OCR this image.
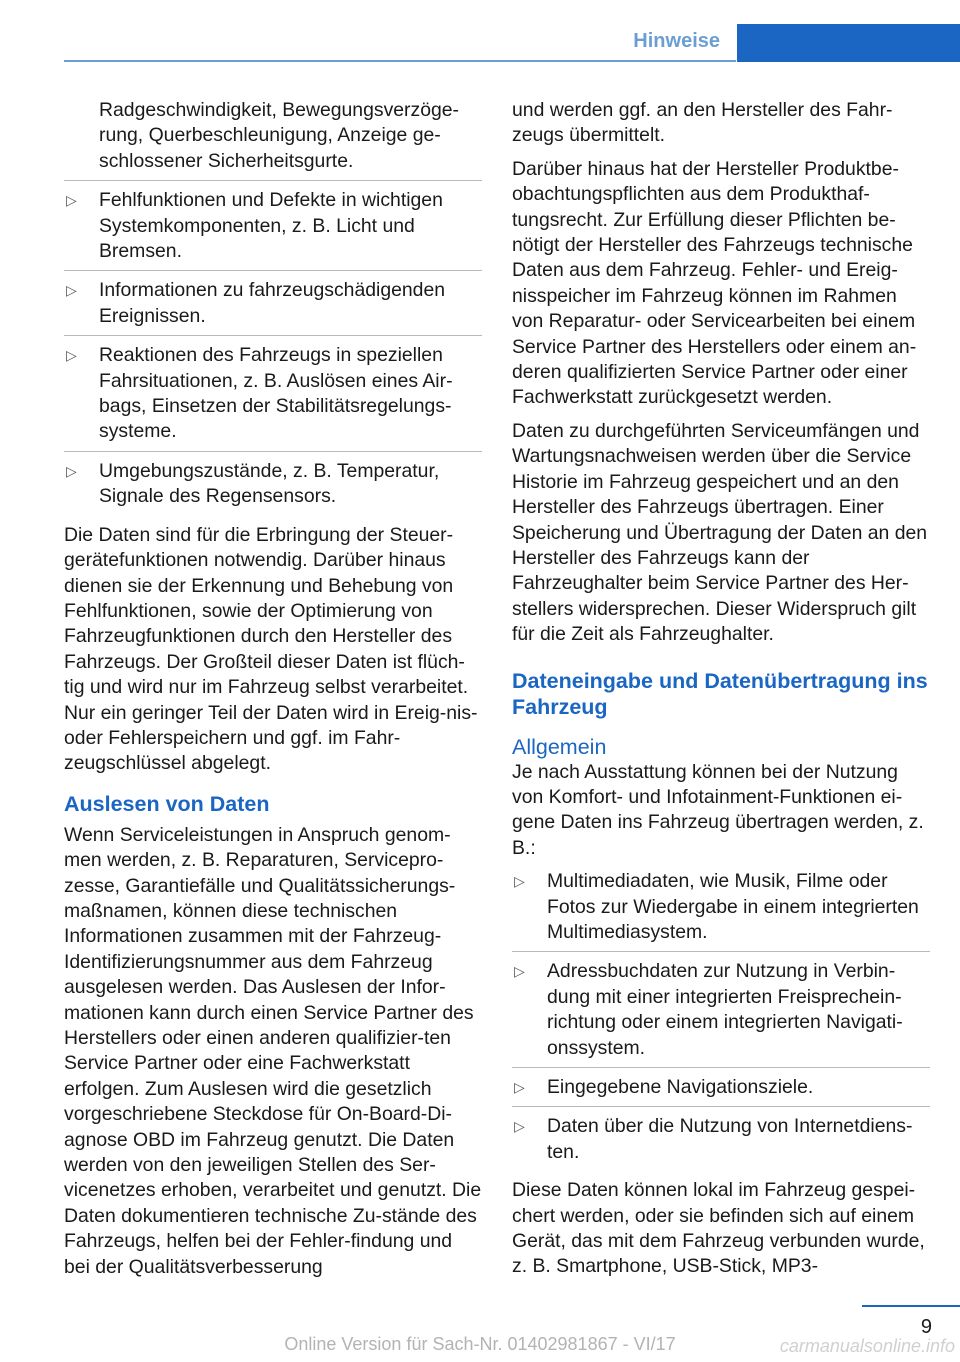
Hinweise
Radgeschwindigkeit, Bewegungsverzöge-rung, Querbeschleunigung, Anzeige ge-schlossener Sicherheitsgurte.
▷ Fehlfunktionen und Defekte in wichtigen Systemkomponenten, z. B. Licht und Bremsen.
▷ Informationen zu fahrzeugschädigenden Ereignissen.
▷ Reaktionen des Fahrzeugs in speziellen Fahrsituationen, z. B. Auslösen eines Air-bags, Einsetzen der Stabilitätsregelungs-systeme.
▷ Umgebungszustände, z. B. Temperatur, Signale des Regensensors.

Die Daten sind für die Erbringung der Steuer-gerätefunktionen notwendig. Darüber hinaus dienen sie der Erkennung und Behebung von Fehlfunktionen, sowie der Optimierung von Fahrzeugfunktionen durch den Hersteller des Fahrzeugs. Der Großteil dieser Daten ist flüch-tig und wird nur im Fahrzeug selbst verarbeitet. Nur ein geringer Teil der Daten wird in Ereig-nis- oder Fehlerspeichern und ggf. im Fahr-zeugschlüssel abgelegt.

Auslesen von Daten

Wenn Serviceleistungen in Anspruch genom-men werden, z. B. Reparaturen, Servicepro-zesse, Garantiefälle und Qualitätssicherungs-maßnamen, können diese technischen Informationen zusammen mit der Fahrzeug-Identifizierungsnummer aus dem Fahrzeug ausgelesen werden. Das Auslesen der Infor-mationen kann durch einen Service Partner des Herstellers oder einen anderen qualifizier-ten Service Partner oder eine Fachwerkstatt erfolgen. Zum Auslesen wird die gesetzlich vorgeschriebene Steckdose für On-Board-Di-agnose OBD im Fahrzeug genutzt. Die Daten werden von den jeweiligen Stellen des Ser-vicenetzes erhoben, verarbeitet und genutzt. Die Daten dokumentieren technische Zu-stände des Fahrzeugs, helfen bei der Fehler-findung und bei der Qualitätsverbesserung

und werden ggf. an den Hersteller des Fahr-zeugs übermittelt.

Darüber hinaus hat der Hersteller Produktbe-obachtungspflichten aus dem Produkthaf-tungsrecht. Zur Erfüllung dieser Pflichten be-nötigt der Hersteller des Fahrzeugs technische Daten aus dem Fahrzeug. Fehler- und Ereig-nisspeicher im Fahrzeug können im Rahmen von Reparatur- oder Servicearbeiten bei einem Service Partner des Herstellers oder einem an-deren qualifizierten Service Partner oder einer Fachwerkstatt zurückgesetzt werden.

Daten zu durchgeführten Serviceumfängen und Wartungsnachweisen werden über die Service Historie im Fahrzeug gespeichert und an den Hersteller des Fahrzeugs übertragen. Einer Speicherung und Übertragung der Daten an den Hersteller des Fahrzeugs kann der Fahrzeughalter beim Service Partner des Her-stellers widersprechen. Dieser Widerspruch gilt für die Zeit als Fahrzeughalter.

Dateneingabe und Datenübertragung ins Fahrzeug
Allgemein

Je nach Ausstattung können bei der Nutzung von Komfort- und Infotainment-Funktionen ei-gene Daten ins Fahrzeug übertragen werden, z. B.:

▷ Multimediadaten, wie Musik, Filme oder Fotos zur Wiedergabe in einem integrierten Multimediasystem.
▷ Adressbuchdaten zur Nutzung in Verbin-dung mit einer integrierten Freisprechein-richtung oder einem integrierten Navigati-onssystem.
▷ Eingegebene Navigationsziele.
▷ Daten über die Nutzung von Internetdiens-ten.

Diese Daten können lokal im Fahrzeug gespei-chert werden, oder sie befinden sich auf einem Gerät, das mit dem Fahrzeug verbunden wurde, z. B. Smartphone, USB-Stick, MP3-

9
Online Version für Sach-Nr. 01402981867 - VI/17	carmanualsonline.info
